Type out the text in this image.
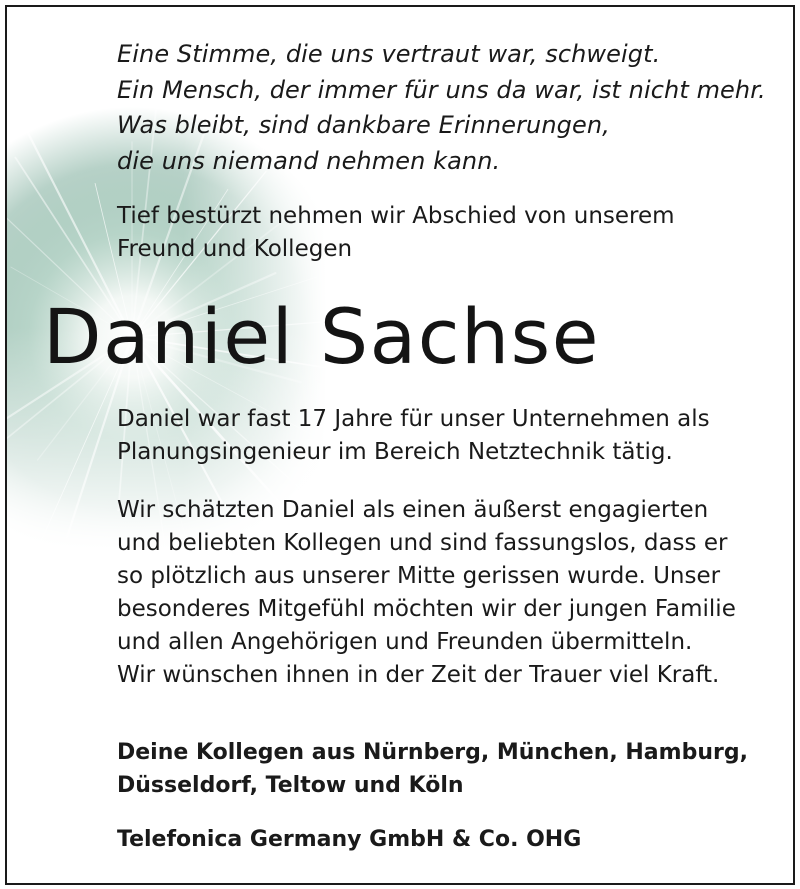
Eine Stimme, die uns vertraut war, schweigt.
Ein Mensch, der immer für uns da war, ist nicht mehr.
Was bleibt, sind dankbare Erinnerungen,
die uns niemand nehmen kann.
Tief bestürzt nehmen wir Abschied von unserem
Freund und Kollegen
Daniel Sachse
Daniel war fast 17 Jahre für unser Unternehmen als
Planungsingenieur im Bereich Netztechnik tätig.
Wir schätzten Daniel als einen äußerst engagierten
und beliebten Kollegen und sind fassungslos, dass er
so plötzlich aus unserer Mitte gerissen wurde. Unser
besonderes Mitgefühl möchten wir der jungen Familie
und allen Angehörigen und Freunden übermitteln.
Wir wünschen ihnen in der Zeit der Trauer viel Kraft.
Deine Kollegen aus Nürnberg, München, Hamburg,
Düsseldorf, Teltow und Köln
Telefonica Germany GmbH & Co. OHG
